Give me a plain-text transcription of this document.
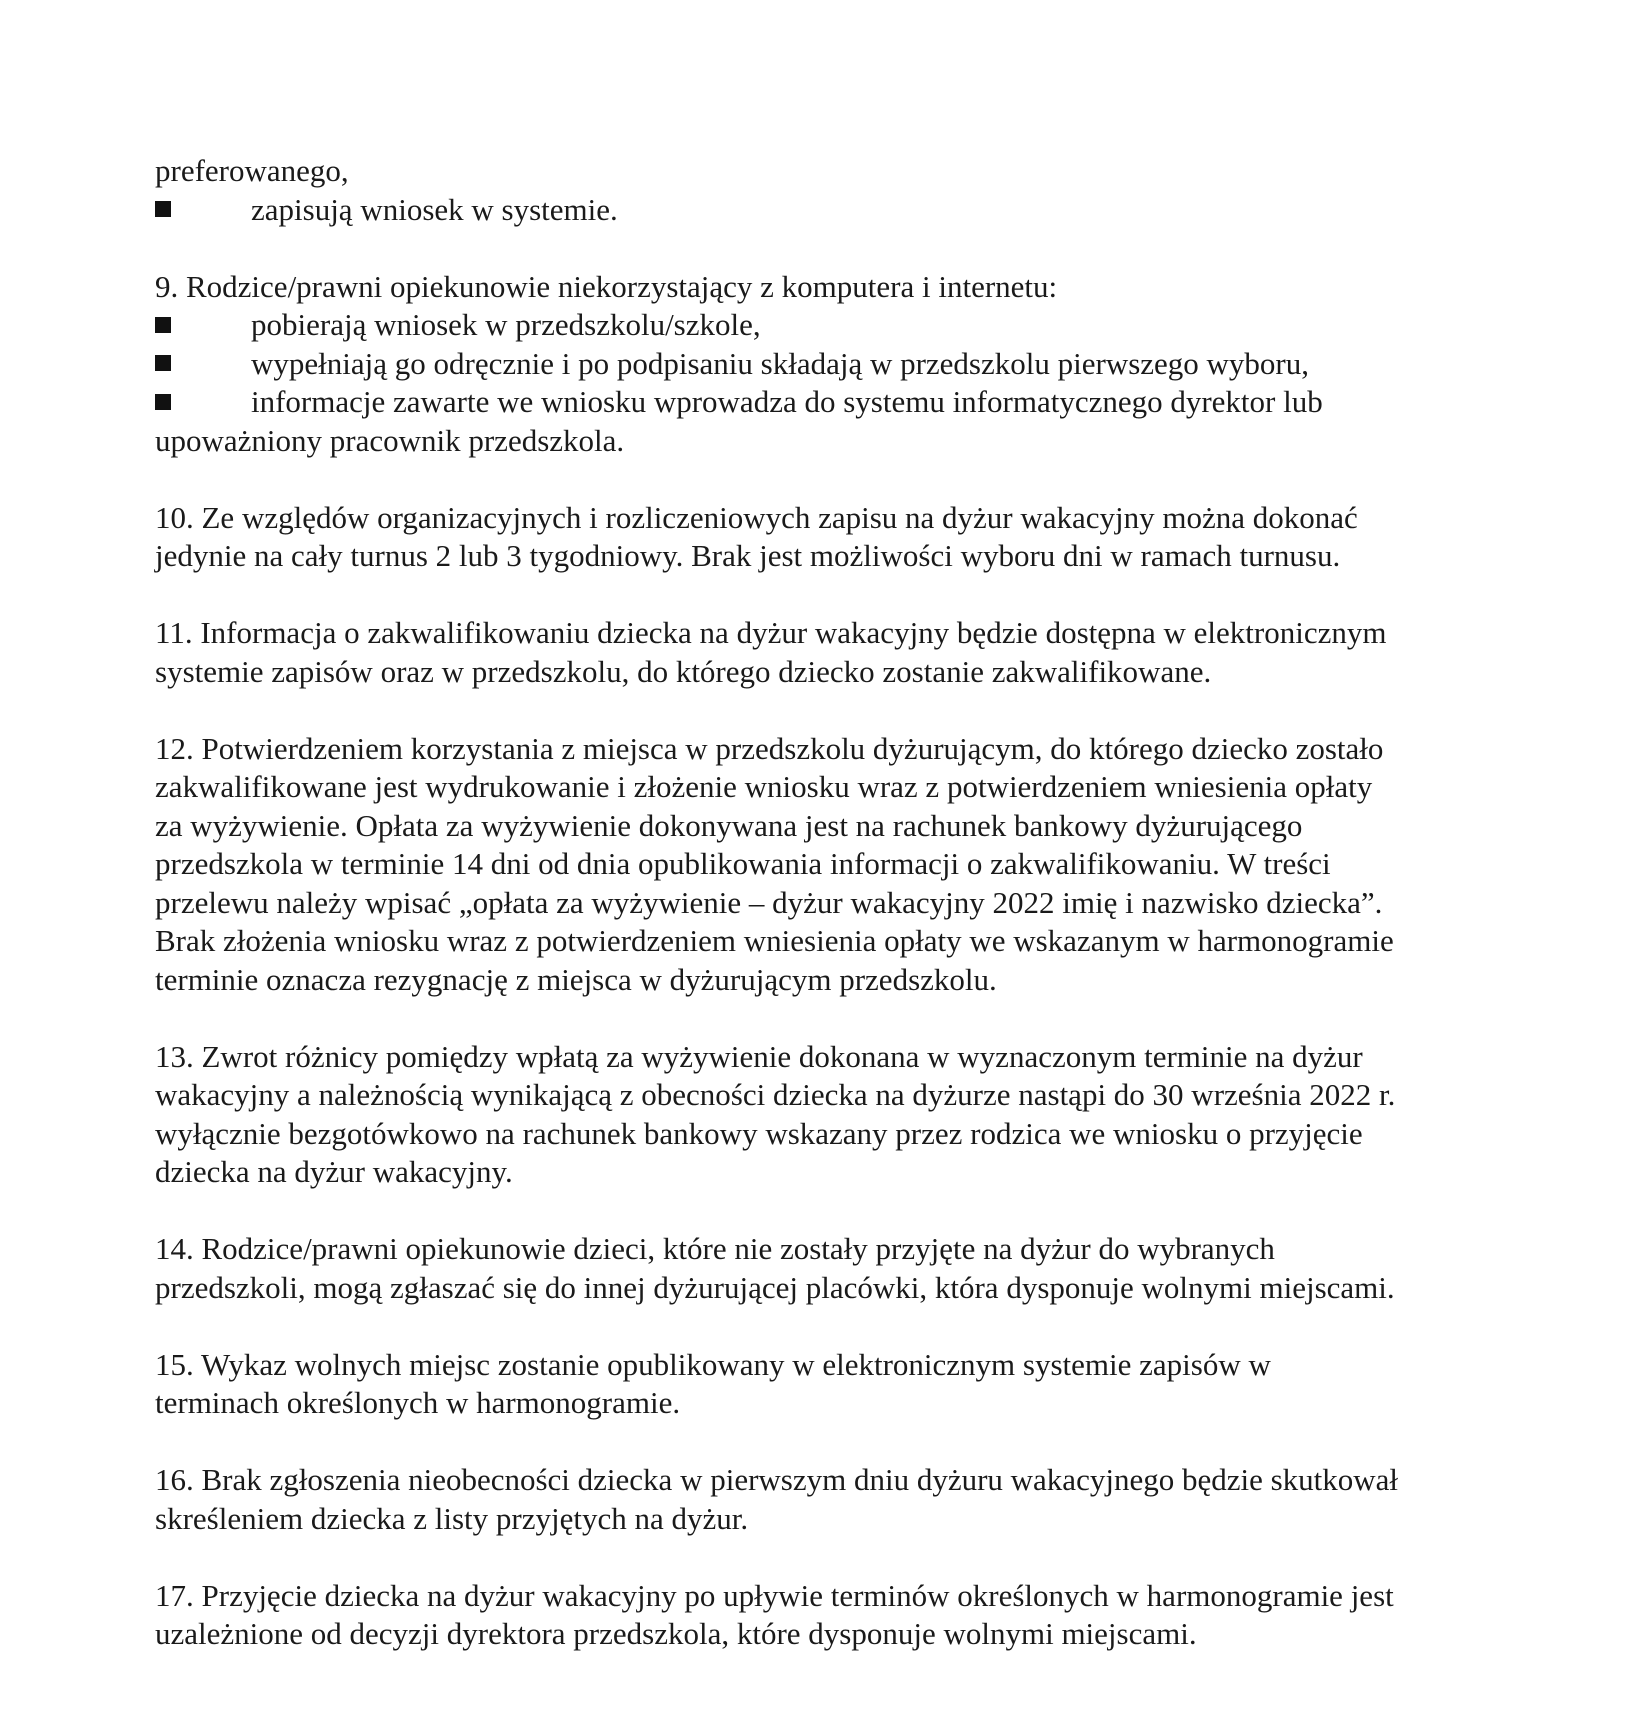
preferowanego,
zapisują wniosek w systemie.
9. Rodzice/prawni opiekunowie niekorzystający z komputera i internetu:
pobierają wniosek w przedszkolu/szkole,
wypełniają go odręcznie i po podpisaniu składają w przedszkolu pierwszego wyboru,
informacje zawarte we wniosku wprowadza do systemu informatycznego dyrektor lub
upoważniony pracownik przedszkola.
10. Ze względów organizacyjnych i rozliczeniowych zapisu na dyżur wakacyjny można dokonać
jedynie na cały turnus 2 lub 3 tygodniowy. Brak jest możliwości wyboru dni w ramach turnusu.
11. Informacja o zakwalifikowaniu dziecka na dyżur wakacyjny będzie dostępna w elektronicznym
systemie zapisów oraz w przedszkolu, do którego dziecko zostanie zakwalifikowane.
12. Potwierdzeniem korzystania z miejsca w przedszkolu dyżurującym, do którego dziecko zostało
zakwalifikowane jest wydrukowanie i złożenie wniosku wraz z potwierdzeniem wniesienia opłaty
za wyżywienie. Opłata za wyżywienie dokonywana jest na rachunek bankowy dyżurującego
przedszkola w terminie 14 dni od dnia opublikowania informacji o zakwalifikowaniu. W treści
przelewu należy wpisać „opłata za wyżywienie – dyżur wakacyjny 2022 imię i nazwisko dziecka”.
Brak złożenia wniosku wraz z potwierdzeniem wniesienia opłaty we wskazanym w harmonogramie
terminie oznacza rezygnację z miejsca w dyżurującym przedszkolu.
13. Zwrot różnicy pomiędzy wpłatą za wyżywienie dokonana w wyznaczonym terminie na dyżur
wakacyjny a należnością wynikającą z obecności dziecka na dyżurze nastąpi do 30 września 2022 r.
wyłącznie bezgotówkowo na rachunek bankowy wskazany przez rodzica we wniosku o przyjęcie
dziecka na dyżur wakacyjny.
14. Rodzice/prawni opiekunowie dzieci, które nie zostały przyjęte na dyżur do wybranych
przedszkoli, mogą zgłaszać się do innej dyżurującej placówki, która dysponuje wolnymi miejscami.
15. Wykaz wolnych miejsc zostanie opublikowany w elektronicznym systemie zapisów w
terminach określonych w harmonogramie.
16. Brak zgłoszenia nieobecności dziecka w pierwszym dniu dyżuru wakacyjnego będzie skutkował
skreśleniem dziecka z listy przyjętych na dyżur.
17. Przyjęcie dziecka na dyżur wakacyjny po upływie terminów określonych w harmonogramie jest
uzależnione od decyzji dyrektora przedszkola, które dysponuje wolnymi miejscami.
